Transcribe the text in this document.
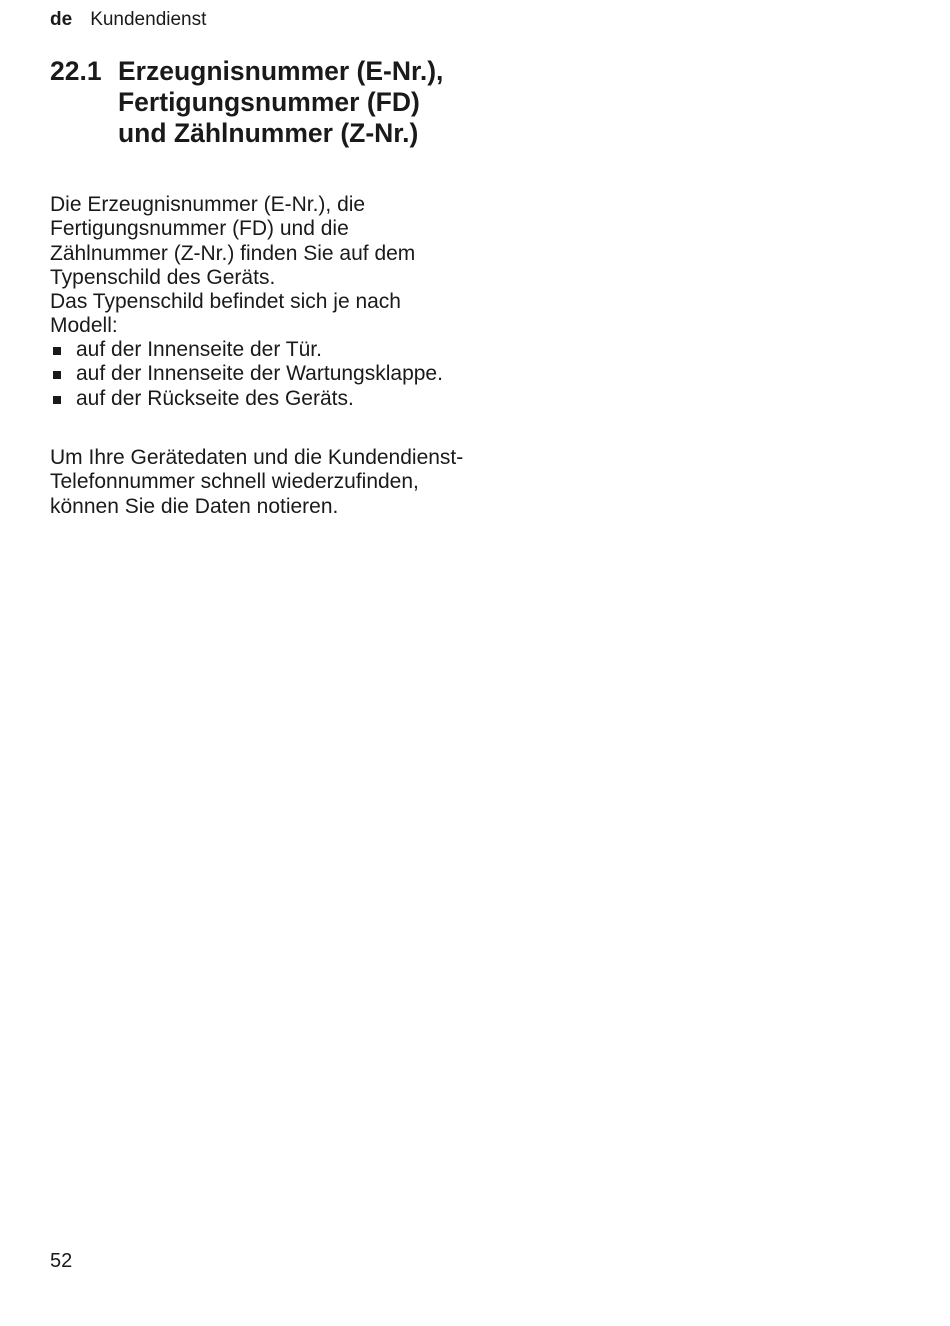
de Kundendienst
22.1 Erzeugnisnummer (E-Nr.), Fertigungsnummer (FD) und Zählnummer (Z-Nr.)

Die Erzeugnisnummer (E-Nr.), die Fertigungsnummer (FD) und die Zählnummer (Z-Nr.) finden Sie auf dem Typenschild des Geräts.

Das Typenschild befindet sich je nach Modell:

auf der Innenseite der Tür.
auf der Innenseite der Wartungsklappe.
auf der Rückseite des Geräts.

Um Ihre Gerätedaten und die Kundendienst-Telefonnummer schnell wiederzufinden, können Sie die Daten notieren.

52
